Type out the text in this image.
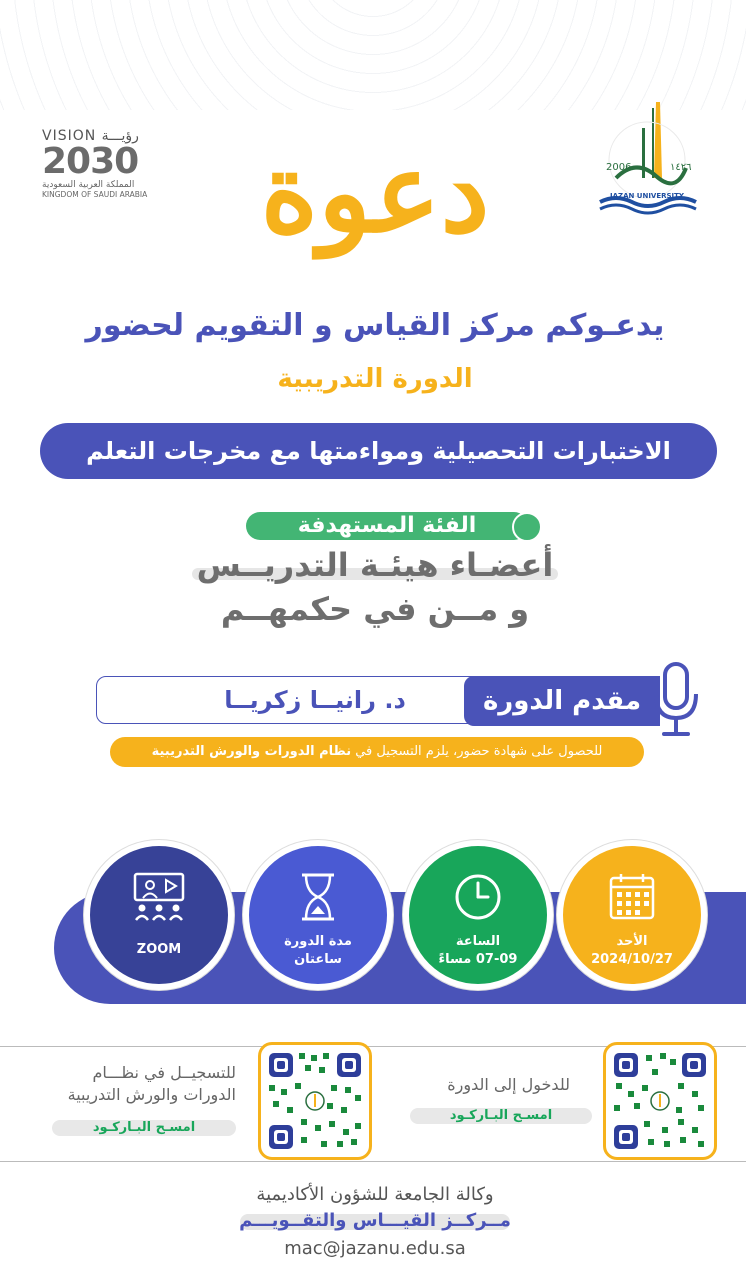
VISION رؤيـــة
2030
المملكة العربية السعودية
KINGDOM OF SAUDI ARABIA
2006	١٤٢٦
JAZAN UNIVERSITY
دعوة
يدعـوكم مركز القياس و التقويم لحضور
الدورة التدريبية
الاختبارات التحصيلية ومواءمتها مع مخرجات التعلم
الفئة المستهدفة
أعضـاء هيئـة التدريــس
و مــن في حكمهــم
د. رانيــا زكريــا	مقدم الدورة
للحصول على شهادة حضور، يلزم التسجيل في نظام الدورات والورش التدريبية
ZOOM
مدة الدورة
ساعتان
الساعة
07-09 مساءً
الأحد
2024/10/27
للتسجيــل في نظـــام الدورات والورش التدريبية
امسـح البـاركـود
للدخول إلى الدورة
امسـح البـاركـود
وكالة الجامعة للشؤون الأكاديمية
مــركــز القيـــاس والتقــويـــم
mac@jazanu.edu.sa
